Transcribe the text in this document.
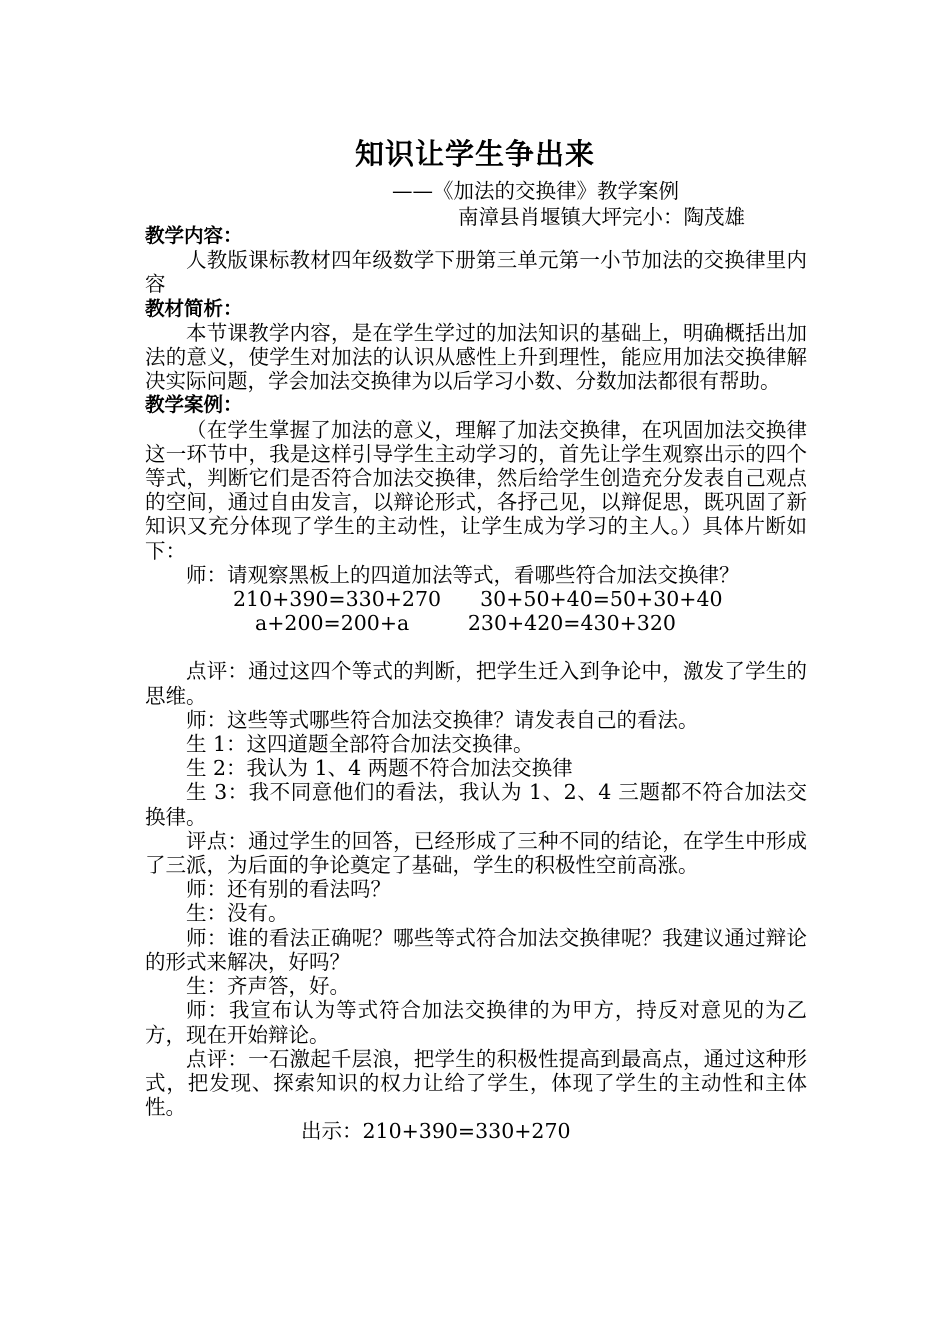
知识让学生争出来
——《加法的交换律》教学案例
南漳县肖堰镇大坪完小：陶茂雄
教学内容：

人教版课标教材四年级数学下册第三单元第一小节加法的交换律里内容

教材简析：

本节课教学内容，是在学生学过的加法知识的基础上，明确概括出加法的意义，使学生对加法的认识从感性上升到理性，能应用加法交换律解决实际问题，学会加法交换律为以后学习小数、分数加法都很有帮助。

教学案例：

（在学生掌握了加法的意义，理解了加法交换律，在巩固加法交换律这一环节中，我是这样引导学生主动学习的，首先让学生观察出示的四个等式，判断它们是否符合加法交换律，然后给学生创造充分发表自己观点的空间，通过自由发言，以辩论形式，各抒己见，以辩促思，既巩固了新知识又充分体现了学生的主动性，让学生成为学习的主人。）具体片断如下：

师：请观察黑板上的四道加法等式，看哪些符合加法交换律？

210+390=330+270      30+50+40=50+30+40

a+200=200+a         230+420=430+320

点评：通过这四个等式的判断，把学生迁入到争论中，激发了学生的思维。

师：这些等式哪些符合加法交换律？请发表自己的看法。

生 1：这四道题全部符合加法交换律。

生 2：我认为 1、4 两题不符合加法交换律

生 3：我不同意他们的看法，我认为 1、2、4 三题都不符合加法交换律。

评点：通过学生的回答，已经形成了三种不同的结论，在学生中形成了三派，为后面的争论奠定了基础，学生的积极性空前高涨。

师：还有别的看法吗？

生：没有。

师：谁的看法正确呢？哪些等式符合加法交换律呢？我建议通过辩论的形式来解决，好吗？

生：齐声答，好。

师：我宣布认为等式符合加法交换律的为甲方，持反对意见的为乙方，现在开始辩论。

点评：一石激起千层浪，把学生的积极性提高到最高点，通过这种形式，把发现、探索知识的权力让给了学生，体现了学生的主动性和主体性。

出示：210+390=330+270
